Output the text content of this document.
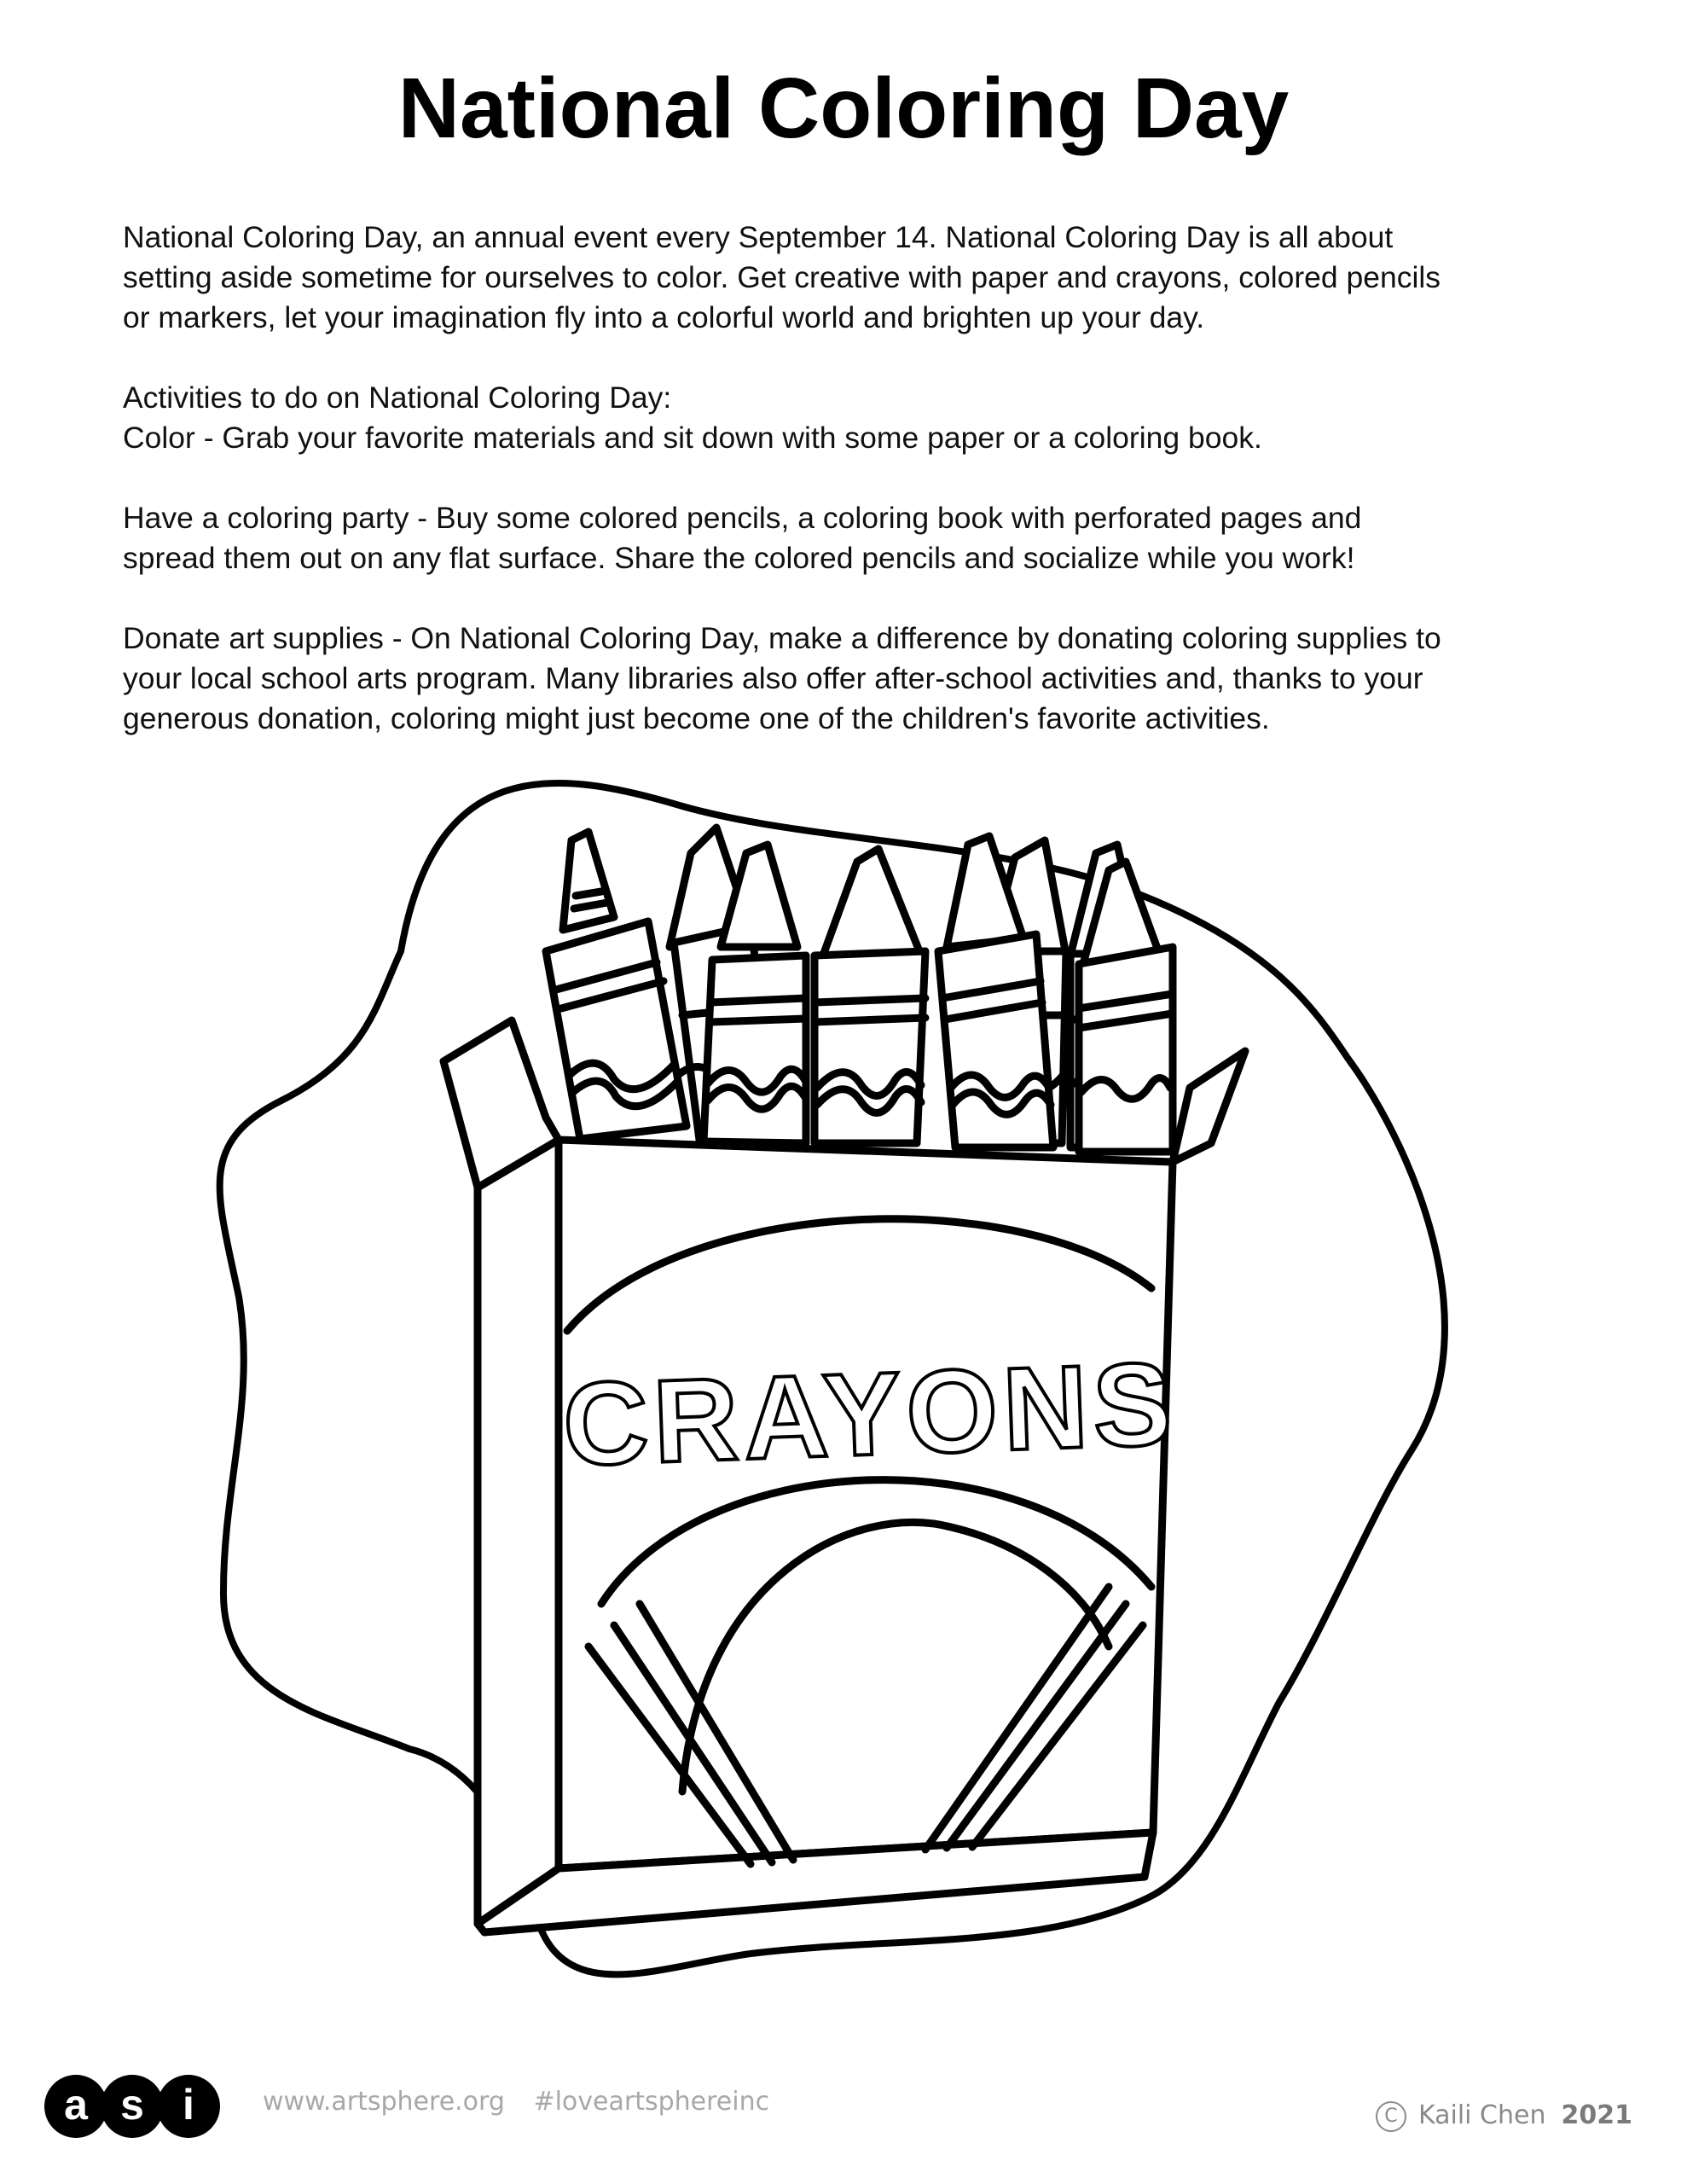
National Coloring Day

National Coloring Day, an annual event every September 14. National Coloring Day is all about

setting aside sometime for ourselves to color. Get creative with paper and crayons, colored pencils

or markers, let your imagination fly into a colorful world and brighten up your day.

Activities to do on National Coloring Day:

Color - Grab your favorite materials and sit down with some paper or a coloring book.

Have a coloring party - Buy some colored pencils, a coloring book with perforated pages and

spread them out on any flat surface. Share the colored pencils and socialize while you work!

Donate art supplies - On National Coloring Day, make a difference by donating coloring supplies to

your local school arts program. Many libraries also offer after-school activities and, thanks to your

generous donation, coloring might just become one of the children's favorite activities.

CRAYONS
a s i	www.artsphere.org #loveartsphereinc	C Kaili Chen 2021
